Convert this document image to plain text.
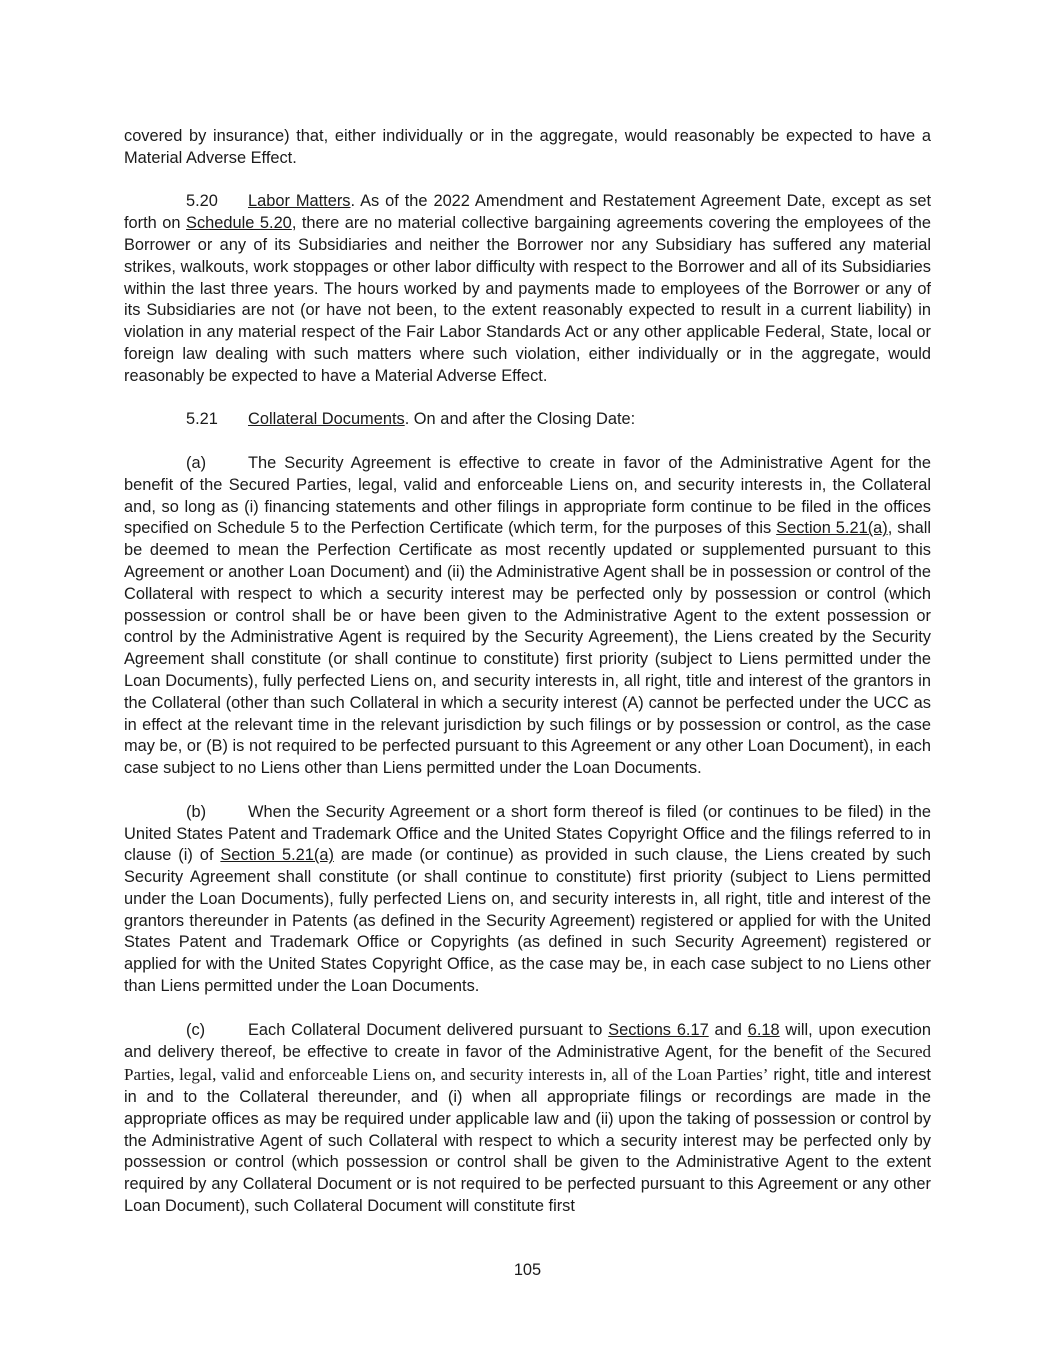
covered by insurance) that, either individually or in the aggregate, would reasonably be expected to have a Material Adverse Effect.

5.20 Labor Matters. As of the 2022 Amendment and Restatement Agreement Date, except as set forth on Schedule 5.20, there are no material collective bargaining agreements covering the employees of the Borrower or any of its Subsidiaries and neither the Borrower nor any Subsidiary has suffered any material strikes, walkouts, work stoppages or other labor difficulty with respect to the Borrower and all of its Subsidiaries within the last three years. The hours worked by and payments made to employees of the Borrower or any of its Subsidiaries are not (or have not been, to the extent reasonably expected to result in a current liability) in violation in any material respect of the Fair Labor Standards Act or any other applicable Federal, State, local or foreign law dealing with such matters where such violation, either individually or in the aggregate, would reasonably be expected to have a Material Adverse Effect.

5.21 Collateral Documents. On and after the Closing Date:

(a)	The Security Agreement is effective to create in favor of the Administrative Agent for the benefit of the Secured Parties, legal, valid and enforceable Liens on, and security interests in, the Collateral and, so long as (i) financing statements and other filings in appropriate form continue to be filed in the offices specified on Schedule 5 to the Perfection Certificate (which term, for the purposes of this Section 5.21(a), shall be deemed to mean the Perfection Certificate as most recently updated or supplemented pursuant to this Agreement or another Loan Document) and (ii) the Administrative Agent shall be in possession or control of the Collateral with respect to which a security interest may be perfected only by possession or control (which possession or control shall be or have been given to the Administrative Agent to the extent possession or control by the Administrative Agent is required by the Security Agreement), the Liens created by the Security Agreement shall constitute (or shall continue to constitute) first priority (subject to Liens permitted under the Loan Documents), fully perfected Liens on, and security interests in, all right, title and interest of the grantors in the Collateral (other than such Collateral in which a security interest (A) cannot be perfected under the UCC as in effect at the relevant time in the relevant jurisdiction by such filings or by possession or control, as the case may be, or (B) is not required to be perfected pursuant to this Agreement or any other Loan Document), in each case subject to no Liens other than Liens permitted under the Loan Documents.

(b)	When the Security Agreement or a short form thereof is filed (or continues to be filed) in the United States Patent and Trademark Office and the United States Copyright Office and the filings referred to in clause (i) of Section 5.21(a) are made (or continue) as provided in such clause, the Liens created by such Security Agreement shall constitute (or shall continue to constitute) first priority (subject to Liens permitted under the Loan Documents), fully perfected Liens on, and security interests in, all right, title and interest of the grantors thereunder in Patents (as defined in the Security Agreement) registered or applied for with the United States Patent and Trademark Office or Copyrights (as defined in such Security Agreement) registered or applied for with the United States Copyright Office, as the case may be, in each case subject to no Liens other than Liens permitted under the Loan Documents.

(c)	Each Collateral Document delivered pursuant to Sections 6.17 and 6.18 will, upon execution and delivery thereof, be effective to create in favor of the Administrative Agent, for the benefit of the Secured Parties, legal, valid and enforceable Liens on, and security interests in, all of the Loan Parties’ right, title and interest in and to the Collateral thereunder, and (i) when all appropriate filings or recordings are made in the appropriate offices as may be required under applicable law and (ii) upon the taking of possession or control by the Administrative Agent of such Collateral with respect to which a security interest may be perfected only by possession or control (which possession or control shall be given to the Administrative Agent to the extent required by any Collateral Document or is not required to be perfected pursuant to this Agreement or any other Loan Document), such Collateral Document will constitute first

105
